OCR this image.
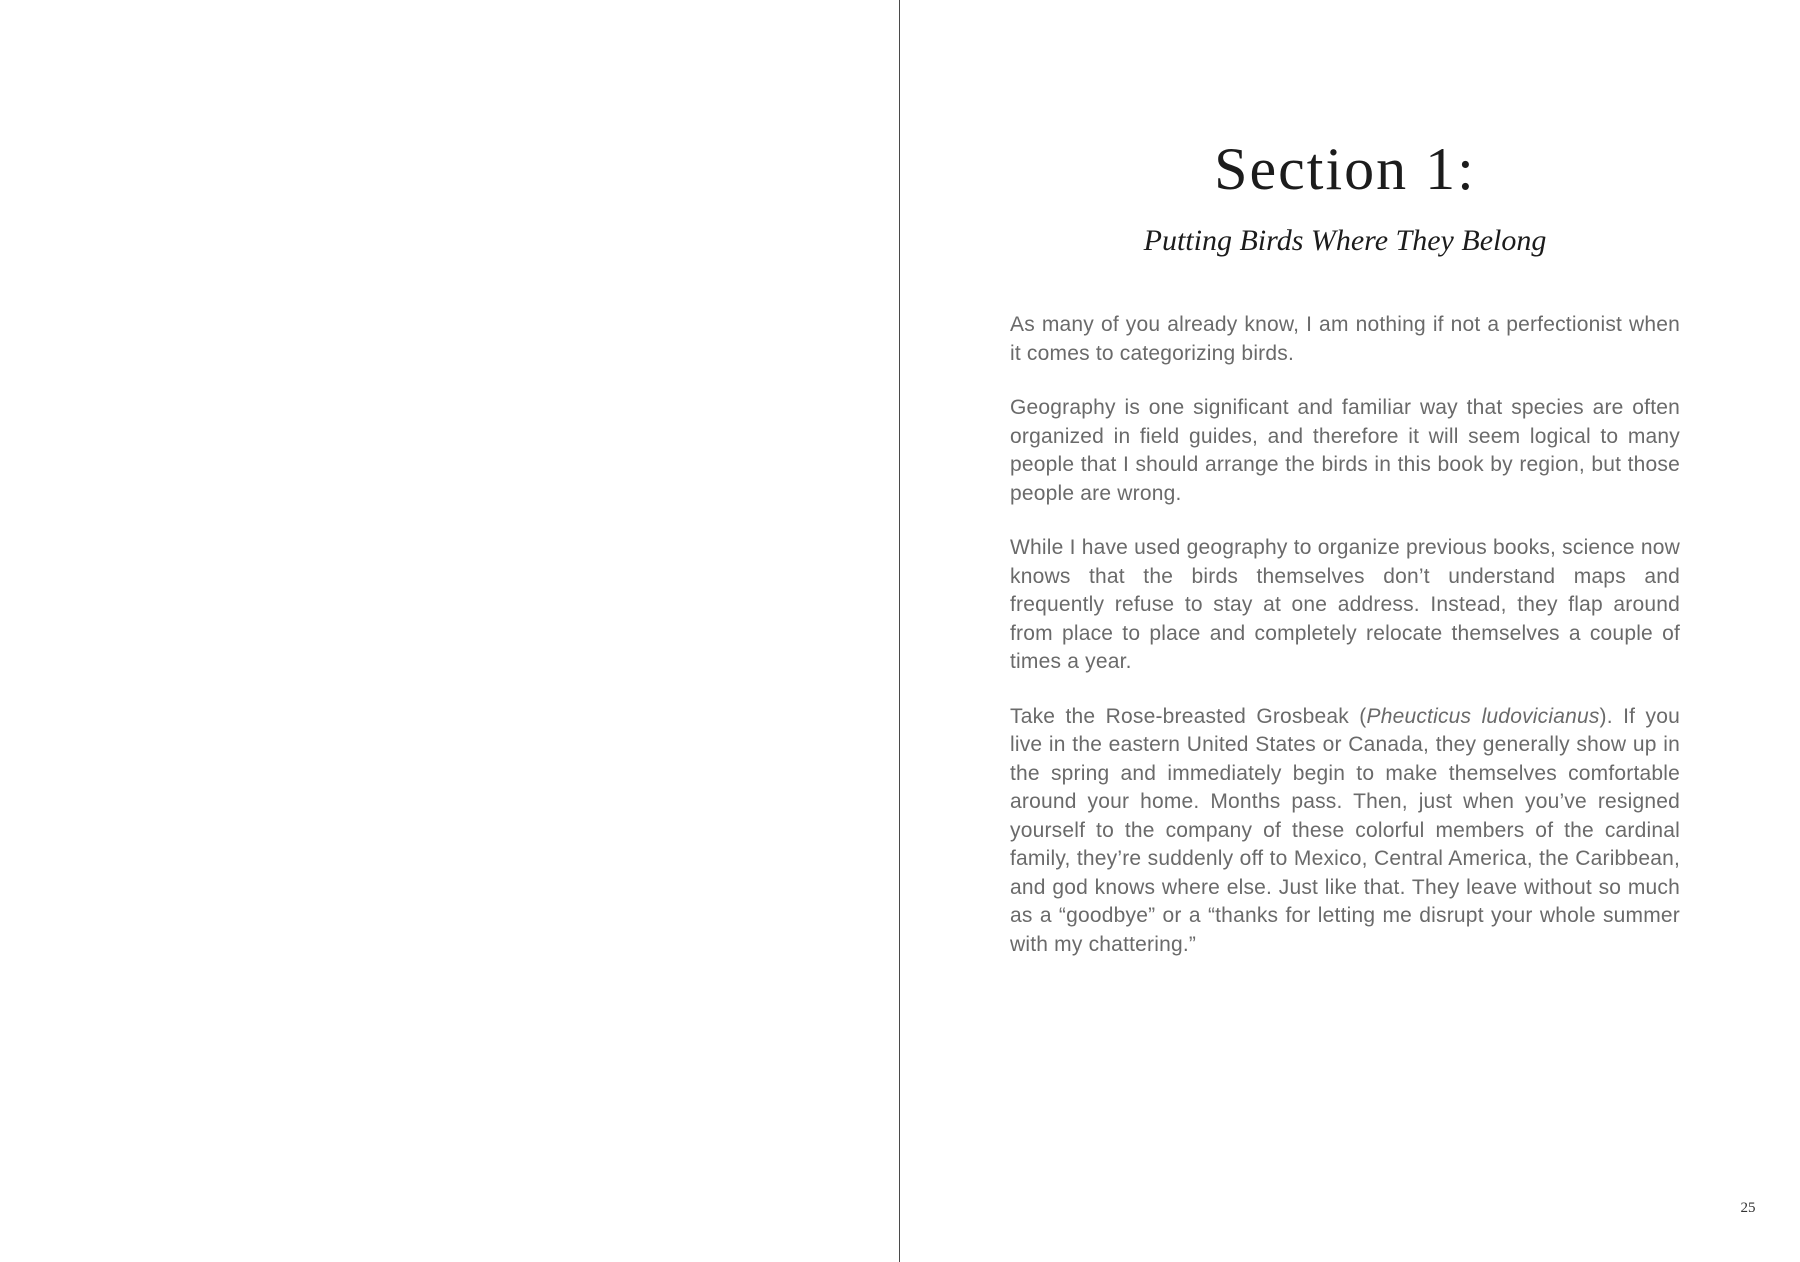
Section 1:
Putting Birds Where They Belong

As many of you already know, I am nothing if not a perfectionist when it comes to categorizing birds.

Geography is one significant and familiar way that species are often organized in field guides, and therefore it will seem logical to many people that I should arrange the birds in this book by region, but those people are wrong.

While I have used geography to organize previous books, science now knows that the birds themselves don’t understand maps and frequently refuse to stay at one address. Instead, they flap around from place to place and completely relocate themselves a couple of times a year.

Take the Rose-breasted Grosbeak (Pheucticus ludovicianus). If you live in the eastern United States or Canada, they generally show up in the spring and immediately begin to make themselves comfortable around your home. Months pass. Then, just when you’ve resigned yourself to the company of these colorful members of the cardinal family, they’re suddenly off to Mexico, Central America, the Caribbean, and god knows where else. Just like that. They leave without so much as a “goodbye” or a “thanks for letting me disrupt your whole summer with my chattering.”

25
